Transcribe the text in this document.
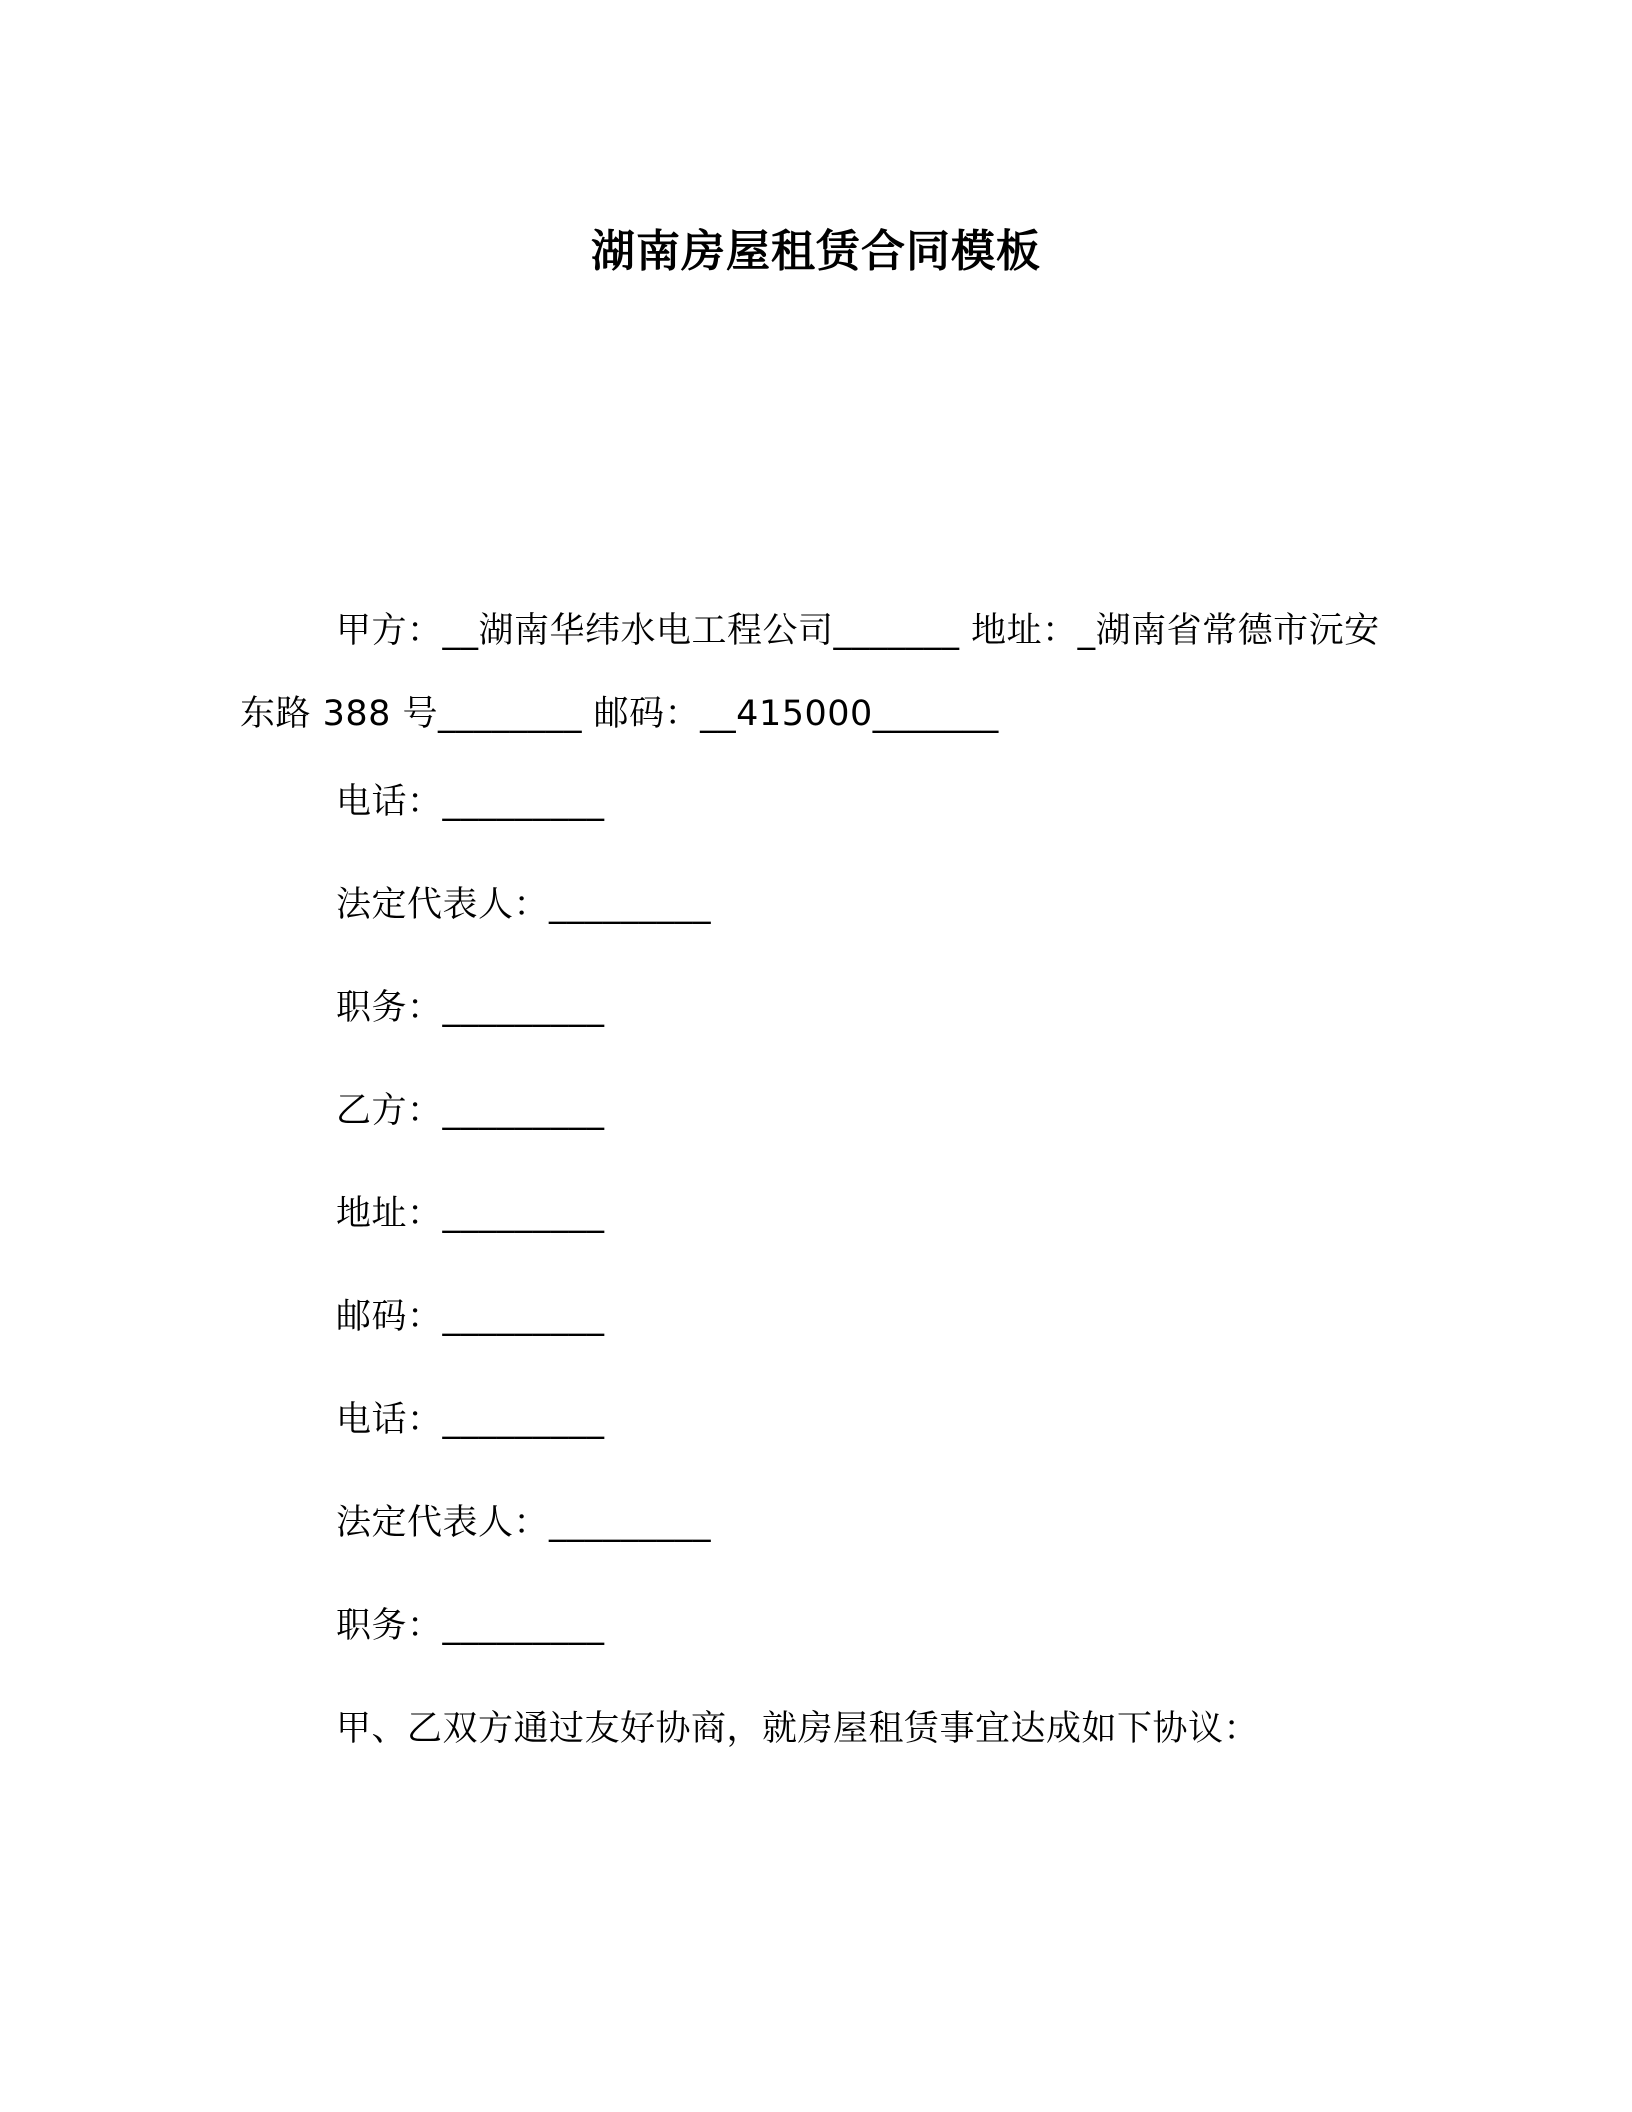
湖南房屋租赁合同模板
甲方：__湖南华纬水电工程公司_______ 地址：_湖南省常德市沅安东路 388 号________ 邮码：__415000_______
电话：_________
法定代表人：_________
职务：_________
乙方：_________
地址：_________
邮码：_________
电话：_________
法定代表人：_________
职务：_________
甲、乙双方通过友好协商，就房屋租赁事宜达成如下协议：
